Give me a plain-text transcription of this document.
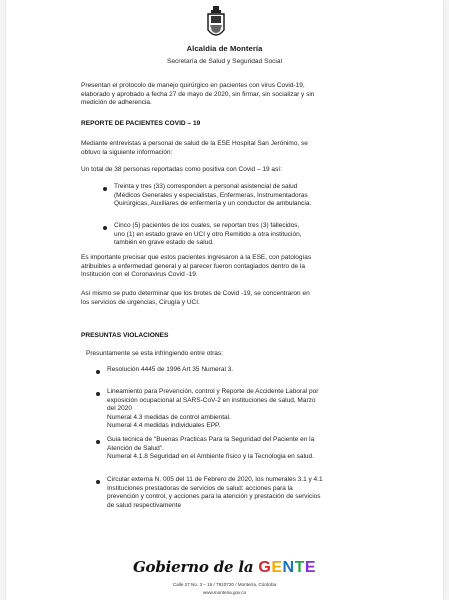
Alcaldía de Montería
Secretaría de Salud y Seguridad Social
Presentan el protocolo de manejo quirúrgico en pacientes con virus Covid-19,
elaborado y aprobado a fecha 27 de mayo de 2020, sin firmar, sin socializar y sin
medición de adherencia.
REPORTE DE PACIENTES COVID – 19
Mediante entrevistas a personal de salud de la ESE Hospital San Jerónimo, se
obtuvo la siguiente información:
Un total de 38 personas reportadas como positiva con Covid – 19 así:
Treinta y tres (33) corresponden a personal asistencial de salud
(Médicos Generales y especialistas, Enfermeras, Instrumentadoras
Quirúrgicas, Auxiliares de enfermería y un conductor de ambulancia.
Cinco (5) pacientes de los cuales, se reportan tres (3) fallecidos,
uno (1) en estado grave en UCI y otro Remitido a otra institución,
también en grave estado de salud.
Es importante precisar que estos pacientes ingresaron a la ESE, con patologías
atribuibles a enfermedad general y al parecer fueron contagiados dentro de la
Institución con el Coronavirus Covid -19.
Así mismo se pudo determinar que los brotes de Covid -19, se concentraron en
los servicios de urgencias, Cirugía y UCI.
PRESUNTAS VIOLACIONES
Presuntamente se esta infringiendo entre otras:
Resolución 4445 de 1996 Art 35 Numeral 3.
Lineamiento para Prevención, control y Reporte de Accidente Laboral por
exposición ocupacional al SARS-CoV-2 en instituciones de salud, Marzo
del 2020
Numeral 4.3 medidas de control ambiental.
Numeral 4.4 medidas individuales EPP.
Guia tecnica de "Buenas Practicas Para la Seguridad del Paciente en la
Atención de Salud".
Numeral 4.1.8 Seguridad en el Ambiente físico y la Tecnologia en salud.
Circular externa N. 005 del 11 de Febrero de 2020, los numerales 3.1 y 4.1
Instituciones prestadoras de servicios de salud: acciones para la
prevención y control, y acciones para la atención y prestación de servicios
de salud respectivamente
Gobierno de la GENTE
Calle 27 No. 3 – 16 / 7910720 / Montería, Córdoba
www.monteria.gov.co
